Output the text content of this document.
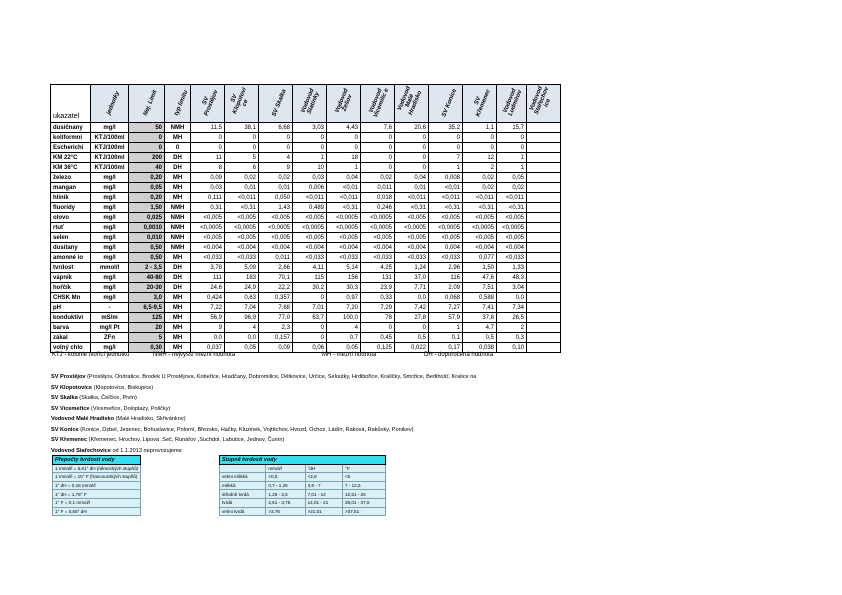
ukazatel	jednotky	Nej. Limit	typ limitu	SV Prostějov	SV Klopotovi ce	SV Skalka	Vodovod Slatinky	Vodovod Žešov	Vodovod Vicemilic e	Vodovod Malé Hradisko	SV Konice	SV Křemenec	Vodovod Ludmírov	Vodovod Stařechov ice

dusičnany	mg/l	50	NMH	11,5	38,1	6,68	3,03	4,43	7,6	20,6	35,2	1,1	15,7	
koliformní	KTJ/100ml	0	MH	0	0	0	0	0	0	0	0	0	0	
Escherichi	KTJ/100ml	0	0	0	0	0	0	0	0	0	0	0	0	
KM 22°C	KTJ/100ml	200	DH	11	5	4	1	18	0	0	7	12	1	
KM 36°C	KTJ/100ml	40	DH	8	6	9	10	1	0	0	1	2	1	
železo	mg/l	0,20	MH	0,09	0,02	0,02	0,03	0,04	0,02	0,04	0,008	0,02	0,05	
mangan	mg/l	0,05	MH	0,03	0,01	0,01	0,006	<0,01	0,011	0,01	<0,01	0,02	0,02	
hliník	mg/l	0,20	MH	0,111	<0,011	0,050	<0,011	<0,011	0,018	<0,011	<0,011	<0,011	<0,011	
fluoridy	mg/l	1,50	NMH	0,31	<0,31	1,43	0,489	<0,31	0,246	<0,31	<0,31	<0,31	<0,31	
olovo	mg/l	0,025	NMH	<0,005	<0,005	<0,005	<0,005	<0,0005	<0,0005	<0,005	<0,005	<0,005	<0,005	
rtuť	mg/l	0,0010	NMH	<0,0005	<0,0005	<0,0005	<0,0005	<0,0005	<0,0005	<0,0005	<0,0005	<0,0005	<0,0005	
selen	mg/l	0,010	NMH	<0,005	<0,005	<0,005	<0,005	<0,005	<0,005	<0,005	<0,005	<0,005	<0,005	
dusitany	mg/l	0,50	NMH	<0,004	<0,004	<0,004	<0,004	<0,004	<0,004	<0,004	0,004	<0,004	<0,004	
amonné io	mg/l	0,50	MH	<0,033	<0,033	0,011	<0,033	<0,033	<0,033	<0,033	<0,033	0,077	<0,033	
tvrdost	mmol/l	2 - 3,5	DH	3,78	5,09	2,66	4,11	5,14	4,25	1,24	2,96	1,50	1,33	
vápník	mg/l	40-80	DH	111	183	70,1	115	156	131	37,0	116	47,6	48,3	
hořčík	mg/l	20-30	DH	24,6	24,9	22,2	30,2	30,3	23,9	7,71	2,09	7,51	3,04	
CHSK Mn	mg/l	3,0	MH	0,424	0,63	0,357	0	0,97	0,33	0,0	0,068	0,588	0,0	
pH	-	6,5-9,5	MH	7,22	7,04	7,68	7,01	7,20	7,29	7,42	7,27	7,41	7,34	
konduktivi	mS/m	125	MH	56,9	96,9	77,0	63,7	100,0	78	27,8	57,9	37,8	26,5	
barva	mg/l Pt	20	MH	9	4	2,3	0	4	0	0	1	4,7	2	
zákal	ZFn	5	MH	0,0	0,0	0,157	0	0,7	0,45	0,5	0,1	0,5	0,3	
volný chlo	mg/l	0,30	MH	0,037	0,05	0,09	0,06	0,05	0,125	0,022	0,17	0,038	0,10	
KTJ - kolonie tvořící jednotku	NMH - nejvyšší mezní hodnota	MH - mezní hodnota	DH - doporučená hodnota
SV Prostějov (Prostějov, Ondratice, Brodek U Prostějova, Kobeřice, Hradčany, Dobromilice, Dětkovice, Určice, Seloutky, Hrdibořice, Kraličky, Smržice, Bedihošť, Kralice na
SV Klopotovice (Klopotovice, Biskupice)
SV Skalka (Skalka, Čelčice, Pivín)
SV Vicemeřice (Vicemeřice, Doloplazy, Poličky)
Vodovod Malé Hradisko (Malé Hradisko, Skřivánkov)
SV Konice (Konice, Dzbel, Jesenec, Bohuslavice, Polomí, Březsko, Hačky, Kluzinek, Vojtěchov, Hvozd, Ochoz, Ládín, Raková, Rakůvky, Ponikev)
SV Křemenec (Křemenec, Hrochov, Lipová ,Seč, Runářov ,Suchdol, Labutice, Jednov, Čunín)
Vodovod Stařechovice od 1.1.2013 neprovozujeme
Přepočty tvrdosti vody
1 mmol/l = 5,61° dH (německých stupňů)
1 mmol/l = 10° F (francouzských stupňů)
1° dH = 0,18 mmol/l
1° dH = 1,78° F
1° F = 0,1 mmol/l
1° F = 0,56° dH
Stupně tvrdosti vody			
	mmol/l	°dH	°F
velmi měkká	<0,5	<2,8	<5
měkká	0,7 - 1,25	3,9 - 7	7 - 12,5
středně tvrdá	1,26 - 2,5	7,01 - 14	12,51 - 25
tvrdá	2,51 - 3,75	14,01 - 21	25,01 - 37,5
velmi tvrdá	>3,76	>21,01	>37,51
